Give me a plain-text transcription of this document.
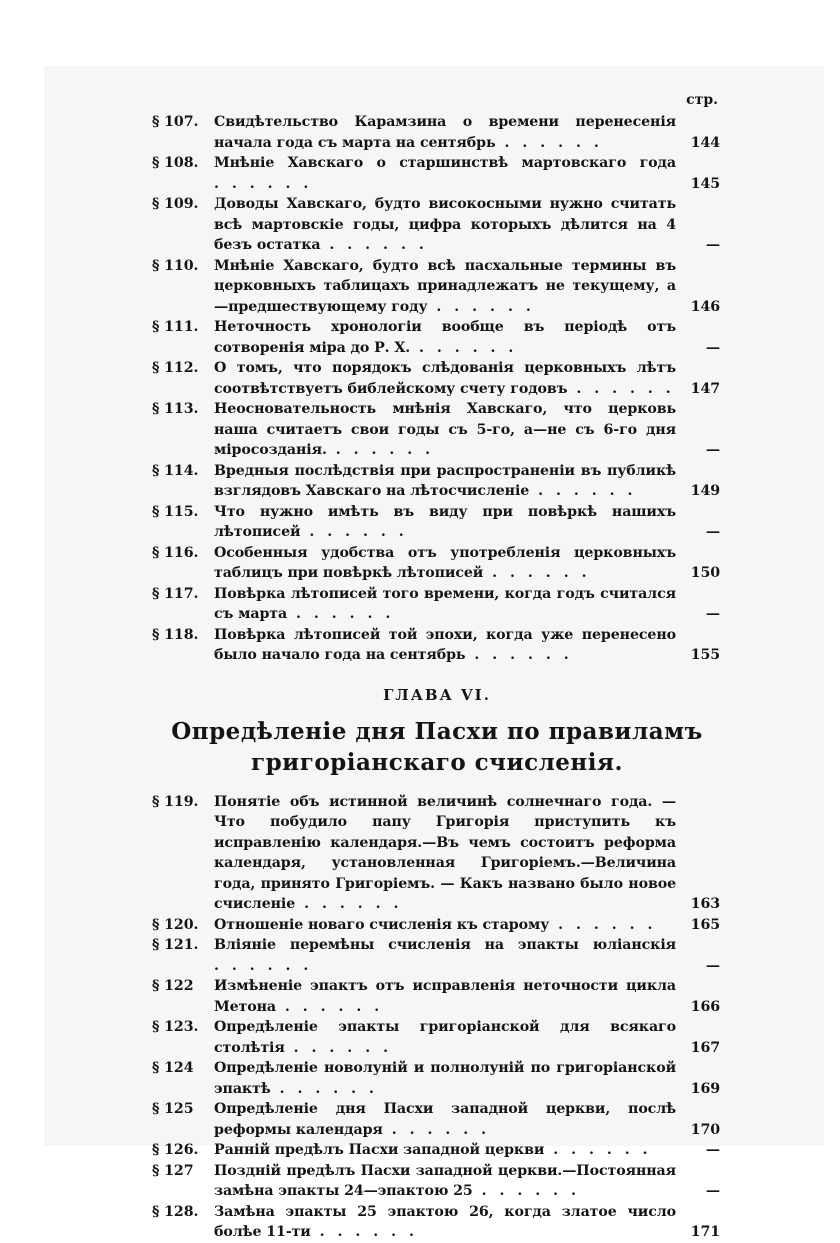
стр.
§ 107.	Свидѣтельство Карамзина о времени перенесенія начала года съ марта на сентябрь . . . . . .	144
§ 108.	Мнѣніе Хавскаго о старшинствѣ мартовскаго года . . . . . .	145
§ 109.	Доводы Хавскаго, будто високосными нужно считать всѣ мартовскіе годы, цифра которыхъ дѣлится на 4 безъ остатка . . . . . .	—
§ 110.	Мнѣніе Хавскаго, будто всѣ пасхальные термины въ церковныхъ таблицахъ принадлежатъ не текущему, а—предшествующему году . . . . . .	146
§ 111.	Неточность хронологіи вообще въ періодѣ отъ сотворенія міра до Р. Х. . . . . . .	—
§ 112.	О томъ, что порядокъ слѣдованія церковныхъ лѣтъ соотвѣтствуетъ библейскому счету годовъ . . . . . .	147
§ 113.	Неосновательность мнѣнія Хавскаго, что церковь наша считаетъ свои годы съ 5-го, а—не съ 6-го дня міросозданія. . . . . . .	—
§ 114.	Вредныя послѣдствія при распространеніи въ публикѣ взглядовъ Хавскаго на лѣтосчисленіе . . . . . .	149
§ 115.	Что нужно имѣть въ виду при повѣркѣ нашихъ лѣтописей . . . . . .	—
§ 116.	Особенныя удобства отъ употребленія церковныхъ таблицъ при повѣркѣ лѣтописей . . . . . .	150
§ 117.	Повѣрка лѣтописей того времени, когда годъ считался съ марта . . . . . .	—
§ 118.	Повѣрка лѣтописей той эпохи, когда уже перенесено было начало года на сентябрь . . . . . .	155
ГЛАВА VI.
Опредѣленіе дня Пасхи по правиламъ
григоріанскаго счисленія.
§ 119.	Понятіе объ истинной величинѣ солнечнаго года. — Что побудило папу Григорія приступить къ исправленію календаря.—Въ чемъ состоитъ реформа календаря, установленная Григоріемъ.—Величина года, принято Григоріемъ. — Какъ названо было новое счисленіе . . . . . .	163
§ 120.	Отношеніе новаго счисленія къ старому . . . . . .	165
§ 121.	Вліяніе перемѣны счисленія на эпакты юліанскія . . . . . .	—
§ 122	Измѣненіе эпактъ отъ исправленія неточности цикла Метона . . . . . .	166
§ 123.	Опредѣленіе эпакты григоріанской для всякаго столѣтія . . . . . .	167
§ 124	Опредѣленіе новолуній и полнолуній по григоріанской эпактѣ . . . . . .	169
§ 125	Опредѣленіе дня Пасхи западной церкви, послѣ реформы календаря . . . . . .	170
§ 126.	Ранній предѣлъ Пасхи западной церкви . . . . . .	—
§ 127	Поздній предѣлъ Пасхи западной церкви.—Постоянная замѣна эпакты 24—эпактою 25 . . . . . .	—
§ 128.	Замѣна эпакты 25 эпактою 26, когда златое число болѣе 11-ти . . . . . .	171
